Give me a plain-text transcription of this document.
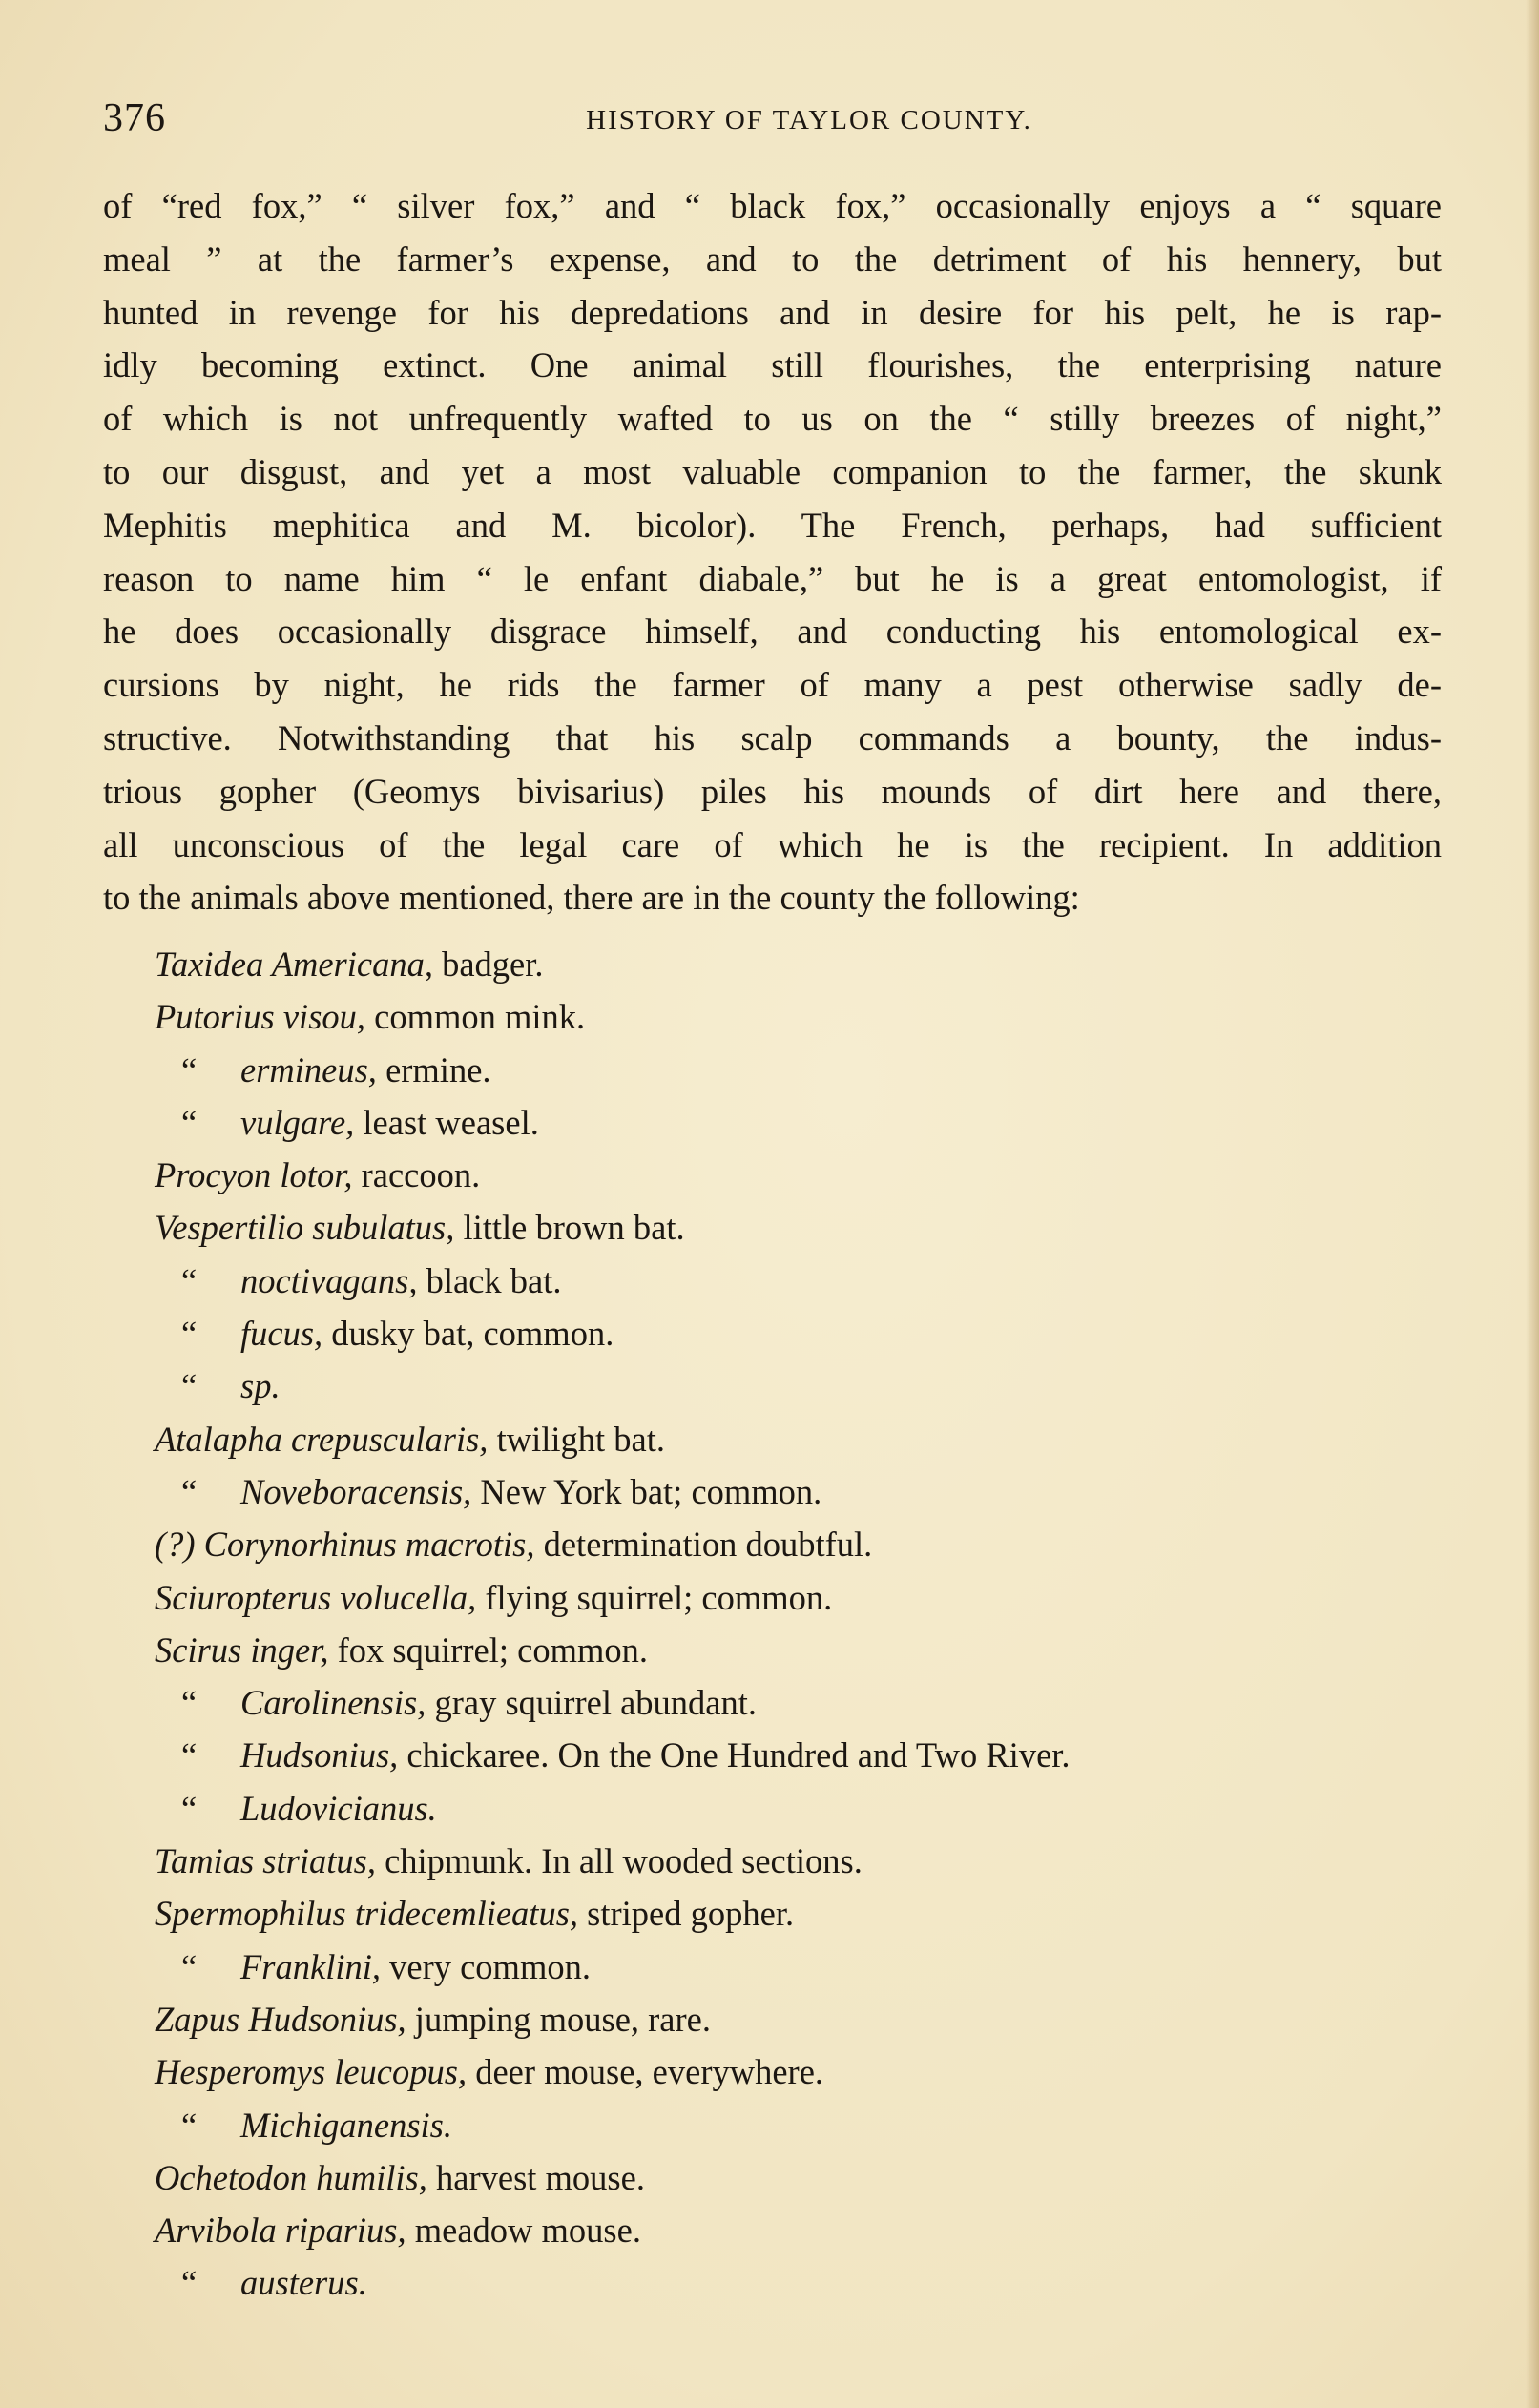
376	HISTORY OF TAYLOR COUNTY.
of “red fox,” “ silver fox,” and “ black fox,” occasionally enjoys a “ square
meal ” at the farmer’s expense, and to the detriment of his hennery, but
hunted in revenge for his depredations and in desire for his pelt, he is rap-
idly becoming extinct. One animal still flourishes, the enterprising nature
of which is not unfrequently wafted to us on the “ stilly breezes of night,”
to our disgust, and yet a most valuable companion to the farmer, the skunk
Mephitis mephitica and M. bicolor). The French, perhaps, had sufficient
reason to name him “ le enfant diabale,” but he is a great entomologist, if
he does occasionally disgrace himself, and conducting his entomological ex-
cursions by night, he rids the farmer of many a pest otherwise sadly de-
structive. Notwithstanding that his scalp commands a bounty, the indus-
trious gopher (Geomys bivisarius) piles his mounds of dirt here and there,
all unconscious of the legal care of which he is the recipient. In addition
to the animals above mentioned, there are in the county the following:
Taxidea Americana, badger.
Putorius visou, common mink.
“ ermineus, ermine.
“ vulgare, least weasel.
Procyon lotor, raccoon.
Vespertilio subulatus, little brown bat.
“ noctivagans, black bat.
“ fucus, dusky bat, common.
“ sp.
Atalapha crepuscularis, twilight bat.
“ Noveboracensis, New York bat; common.
(?) Corynorhinus macrotis, determination doubtful.
Sciuropterus volucella, flying squirrel; common.
Scirus inger, fox squirrel; common.
“ Carolinensis, gray squirrel abundant.
“ Hudsonius, chickaree. On the One Hundred and Two River.
“ Ludovicianus.
Tamias striatus, chipmunk. In all wooded sections.
Spermophilus tridecemlieatus, striped gopher.
“ Franklini, very common.
Zapus Hudsonius, jumping mouse, rare.
Hesperomys leucopus, deer mouse, everywhere.
“ Michiganensis.
Ochetodon humilis, harvest mouse.
Arvibola riparius, meadow mouse.
“ austerus.
